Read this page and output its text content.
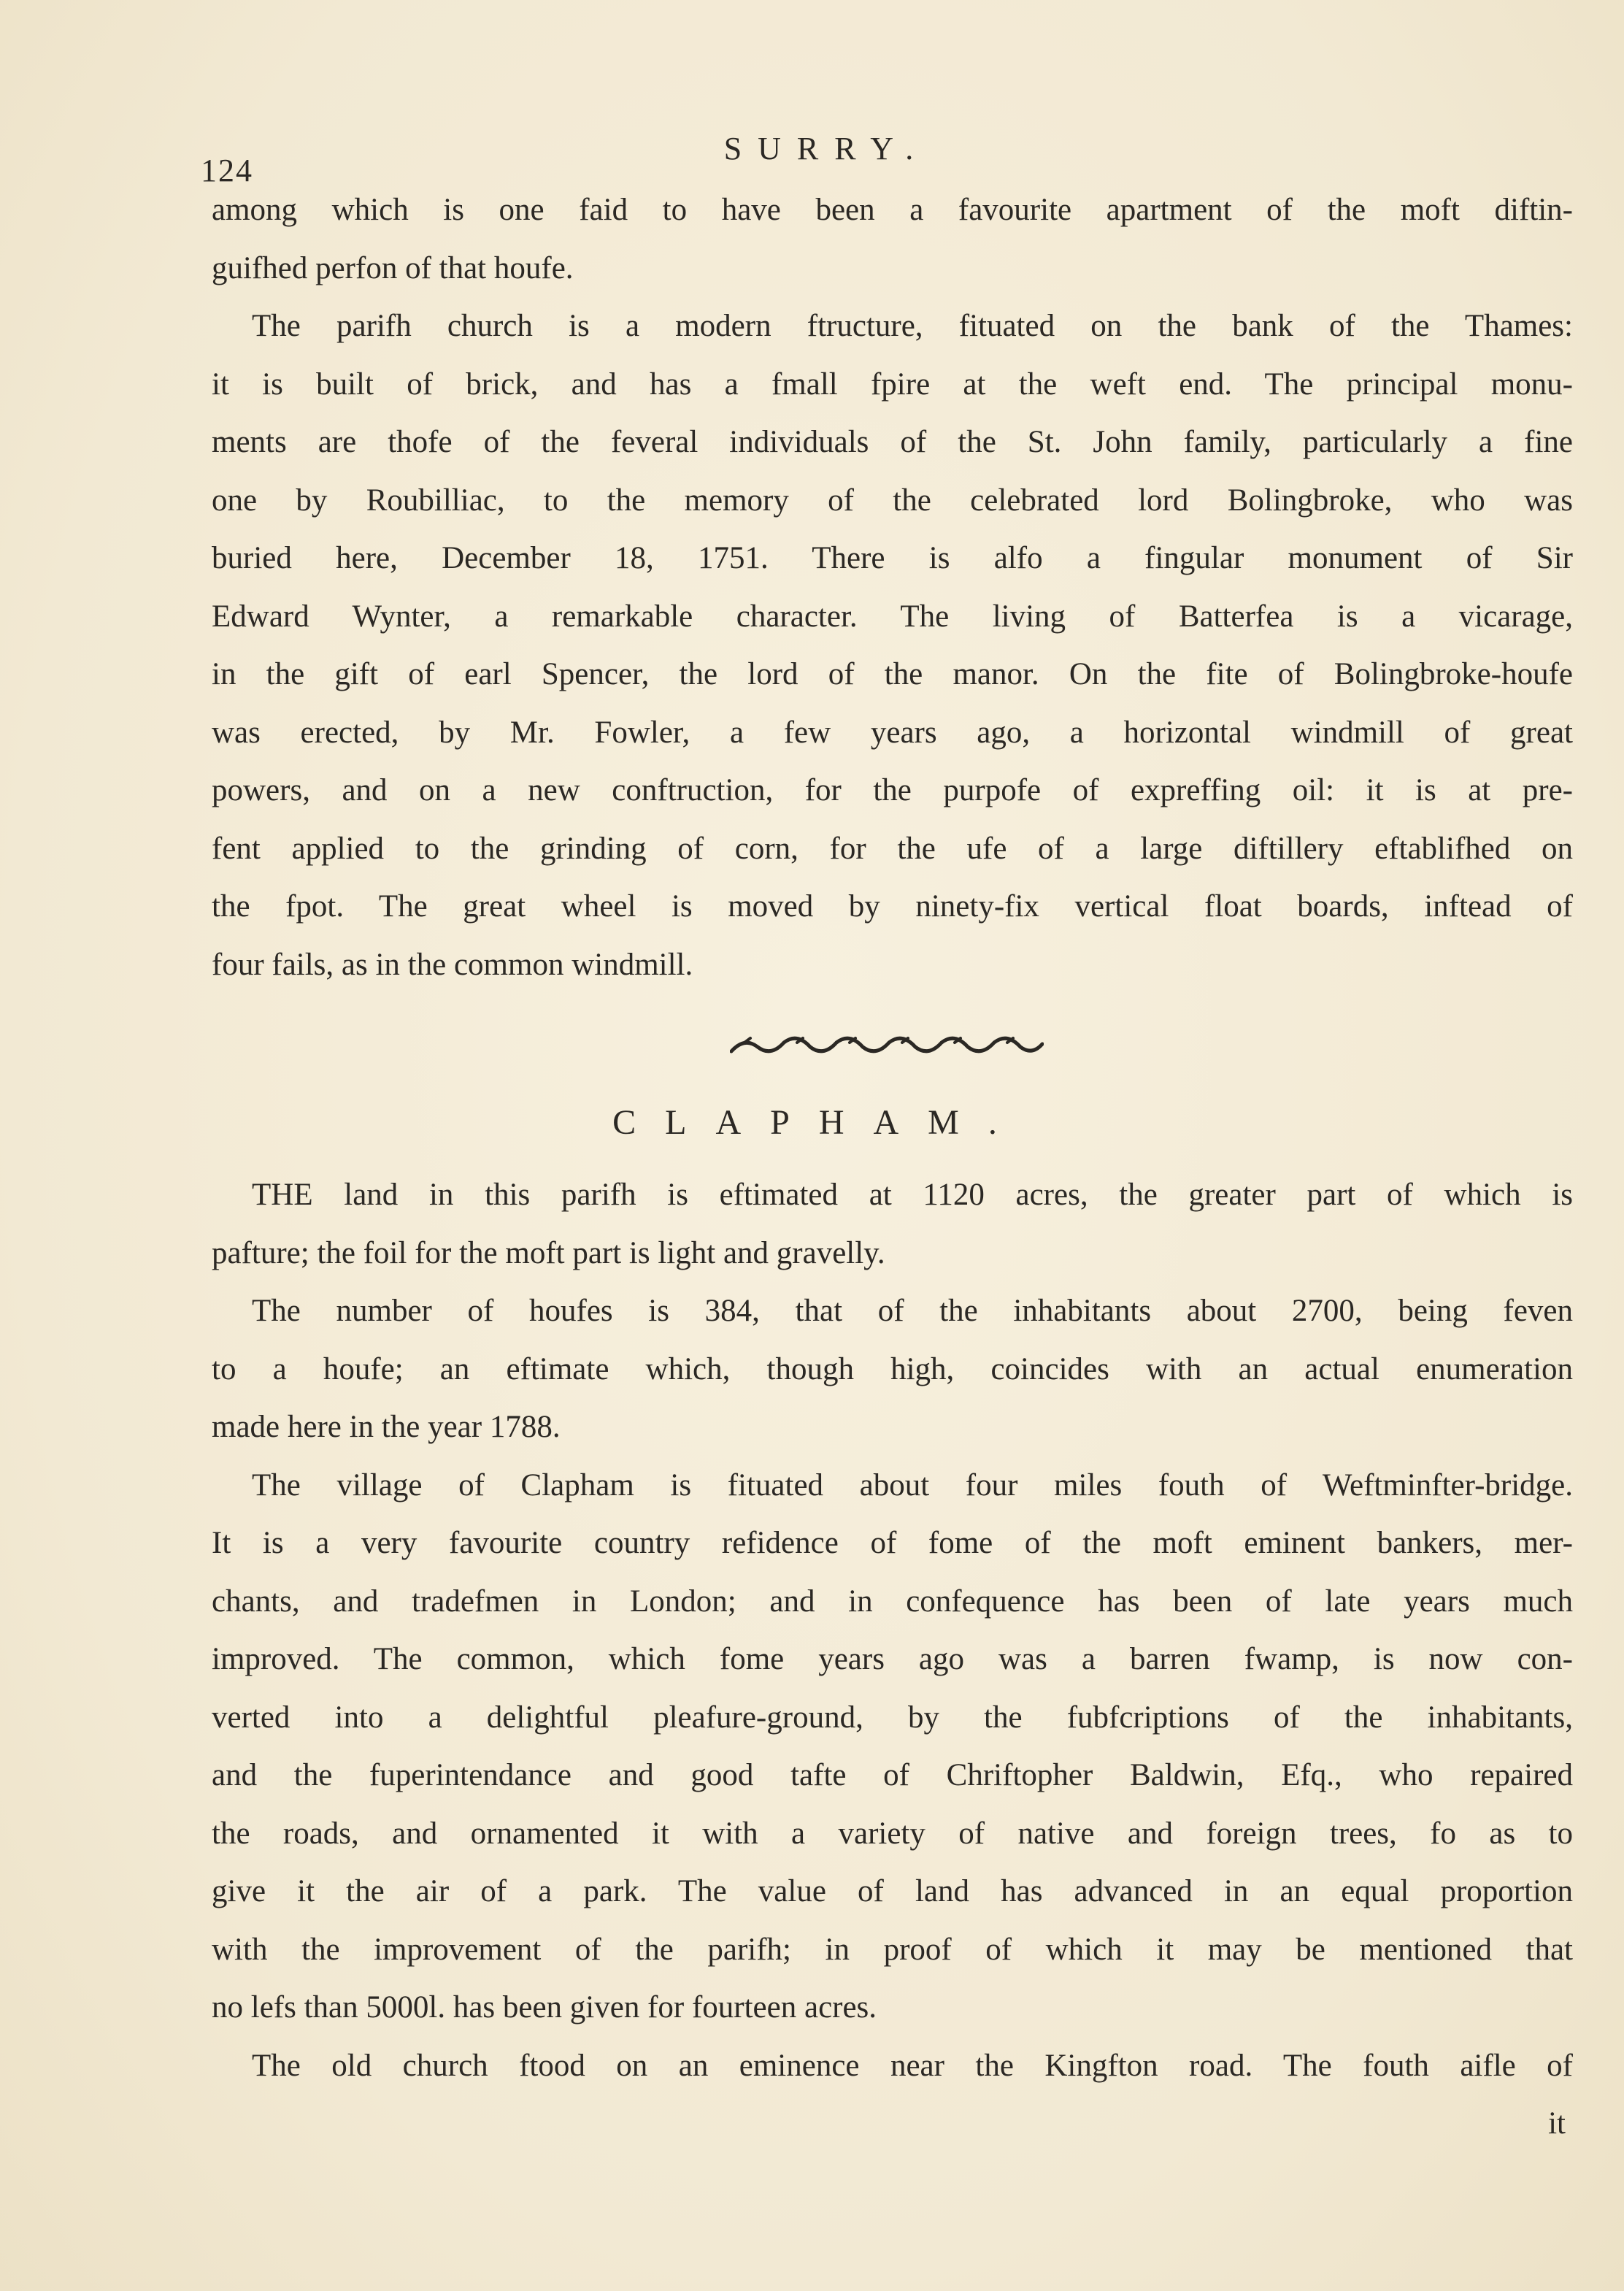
124
SURRY.
among which is one faid to have been a favourite apartment of the moft diftin-
guifhed perfon of that houfe.
The parifh church is a modern ftructure, fituated on the bank of the Thames:
it is built of brick, and has a fmall fpire at the weft end. The principal monu-
ments are thofe of the feveral individuals of the St. John family, particularly a fine
one by Roubilliac, to the memory of the celebrated lord Bolingbroke, who was
buried here, December 18, 1751. There is alfo a fingular monument of Sir
Edward Wynter, a remarkable character. The living of Batterfea is a vicarage,
in the gift of earl Spencer, the lord of the manor. On the fite of Bolingbroke-houfe
was erected, by Mr. Fowler, a few years ago, a horizontal windmill of great
powers, and on a new conftruction, for the purpofe of expreffing oil: it is at pre-
fent applied to the grinding of corn, for the ufe of a large diftillery eftablifhed on
the fpot. The great wheel is moved by ninety-fix vertical float boards, inftead of
four fails, as in the common windmill.
CLAPHAM.
THE land in this parifh is eftimated at 1120 acres, the greater part of which is
pafture; the foil for the moft part is light and gravelly.
The number of houfes is 384, that of the inhabitants about 2700, being feven
to a houfe; an eftimate which, though high, coincides with an actual enumeration
made here in the year 1788.
The village of Clapham is fituated about four miles fouth of Weftminfter-bridge.
It is a very favourite country refidence of fome of the moft eminent bankers, mer-
chants, and tradefmen in London; and in confequence has been of late years much
improved. The common, which fome years ago was a barren fwamp, is now con-
verted into a delightful pleafure-ground, by the fubfcriptions of the inhabitants,
and the fuperintendance and good tafte of Chriftopher Baldwin, Efq., who repaired
the roads, and ornamented it with a variety of native and foreign trees, fo as to
give it the air of a park. The value of land has advanced in an equal proportion
with the improvement of the parifh; in proof of which it may be mentioned that
no lefs than 5000l. has been given for fourteen acres.
The old church ftood on an eminence near the Kingfton road. The fouth aifle of
it
